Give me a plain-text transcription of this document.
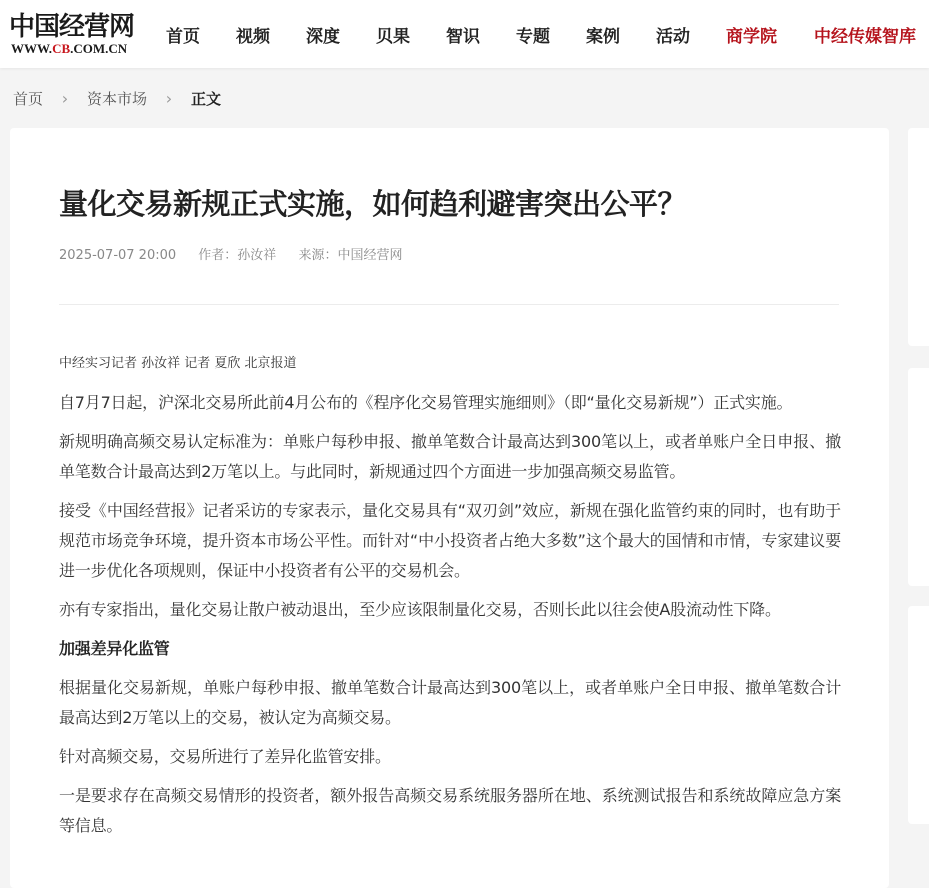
中国经营网
WWW.CB.COM.CN
首页 视频 深度 贝果 智识 专题 案例 活动 商学院 中经传媒智库
首页 › 资本市场 › 正文
量化交易新规正式实施，如何趋利避害突出公平？
2025-07-07 20:00 作者：孙汝祥 来源：中国经营网
中经实习记者 孙汝祥 记者 夏欣 北京报道

自7月7日起，沪深北交易所此前4月公布的《程序化交易管理实施细则》（即“量化交易新规”）正式实施。

新规明确高频交易认定标准为：单账户每秒申报、撤单笔数合计最高达到300笔以上，或者单账户全日申报、撤单笔数合计最高达到2万笔以上。与此同时，新规通过四个方面进一步加强高频交易监管。

接受《中国经营报》记者采访的专家表示，量化交易具有“双刃剑”效应，新规在强化监管约束的同时，也有助于规范市场竞争环境，提升资本市场公平性。而针对“中小投资者占绝大多数”这个最大的国情和市情，专家建议要进一步优化各项规则，保证中小投资者有公平的交易机会。

亦有专家指出，量化交易让散户被动退出，至少应该限制量化交易，否则长此以往会使A股流动性下降。

加强差异化监管

根据量化交易新规，单账户每秒申报、撤单笔数合计最高达到300笔以上，或者单账户全日申报、撤单笔数合计最高达到2万笔以上的交易，被认定为高频交易。

针对高频交易，交易所进行了差异化监管安排。

一是要求存在高频交易情形的投资者，额外报告高频交易系统服务器所在地、系统测试报告和系统故障应急方案等信息。
